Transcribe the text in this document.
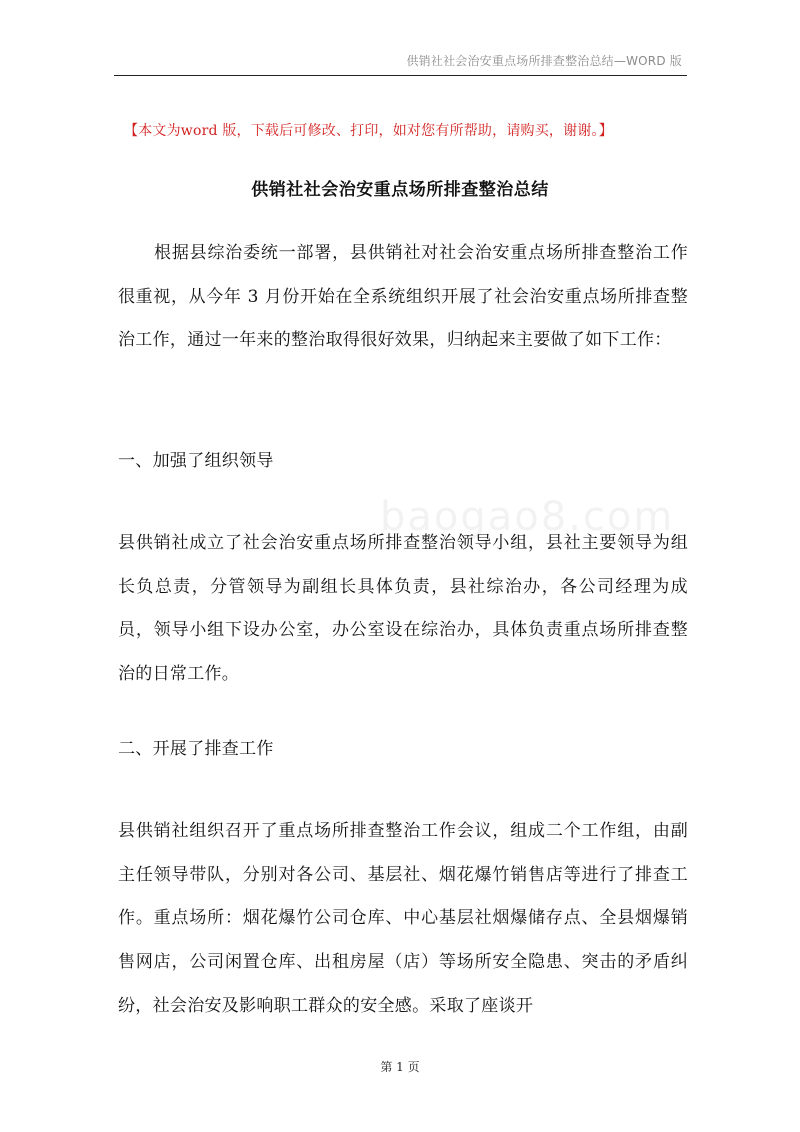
供销社社会治安重点场所排查整治总结—WORD 版
【本文为word 版，下载后可修改、打印，如对您有所帮助，请购买，谢谢。】
供销社社会治安重点场所排查整治总结

根据县综治委统一部署，县供销社对社会治安重点场所排查整治工作很重视，从今年 3 月份开始在全系统组织开展了社会治安重点场所排查整治工作，通过一年来的整治取得很好效果，归纳起来主要做了如下工作：

一、加强了组织领导

县供销社成立了社会治安重点场所排查整治领导小组，县社主要领导为组长负总责，分管领导为副组长具体负责，县社综治办，各公司经理为成员，领导小组下设办公室，办公室设在综治办，具体负责重点场所排查整治的日常工作。

二、开展了排查工作

县供销社组织召开了重点场所排查整治工作会议，组成二个工作组，由副主任领导带队，分别对各公司、基层社、烟花爆竹销售店等进行了排查工作。重点场所：烟花爆竹公司仓库、中心基层社烟爆储存点、全县烟爆销售网店，公司闲置仓库、出租房屋（店）等场所安全隐患、突击的矛盾纠纷，社会治安及影响职工群众的安全感。采取了座谈开

baogao8.com
第 1 页
